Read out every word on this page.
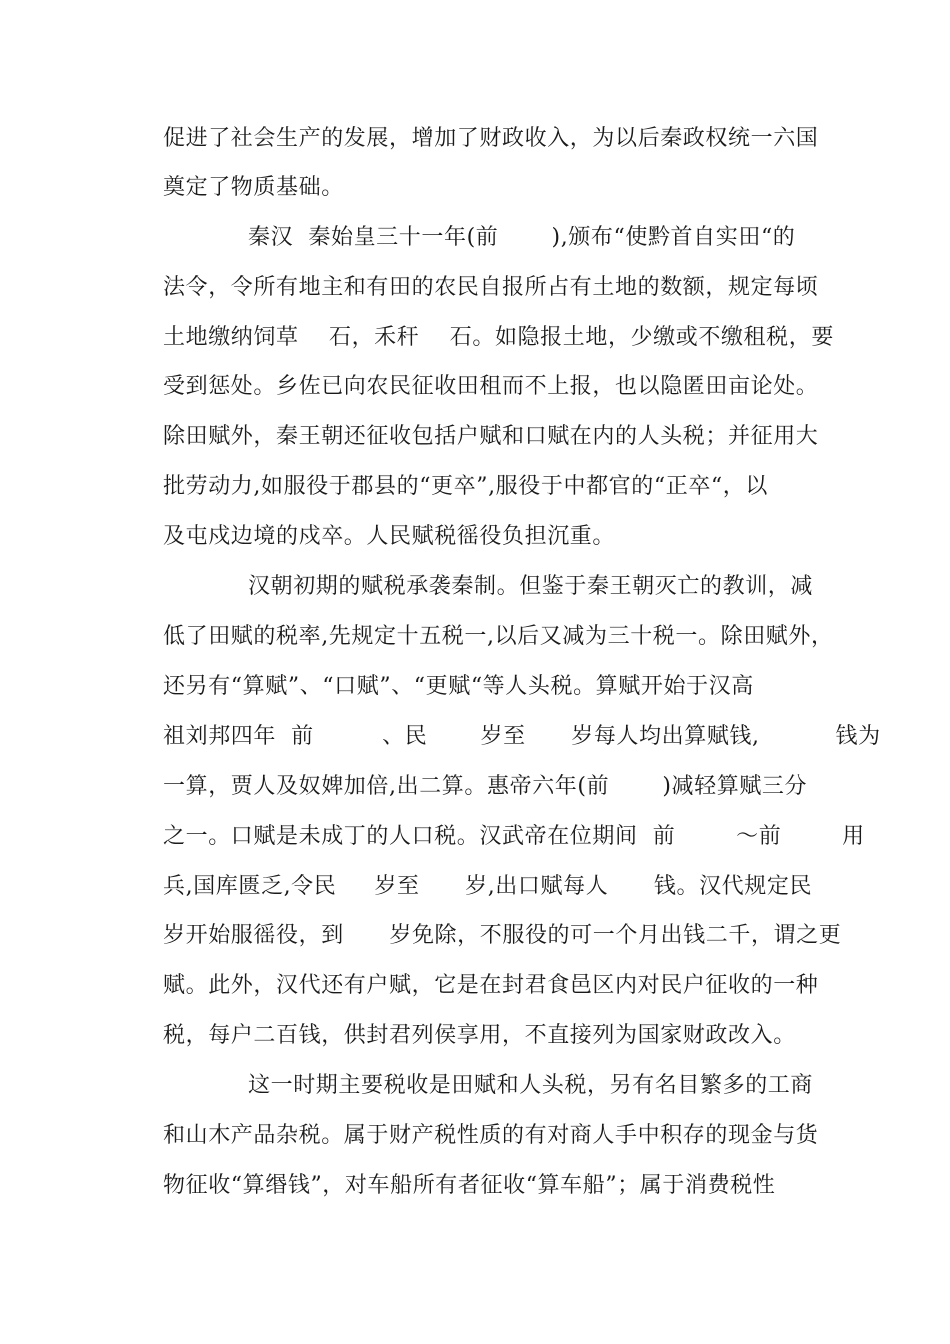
促进了社会生产的发展，增加了财政收入，为以后秦政权统一六国
奠定了物质基础。
秦汉  秦始皇三十一年(前       ),颁布“使黔首自实田“的
法令，令所有地主和有田的农民自报所占有土地的数额，规定每顷
土地缴纳饲草    石，禾秆    石。如隐报土地，少缴或不缴租税，要
受到惩处。乡佐已向农民征收田租而不上报，也以隐匿田亩论处。
除田赋外，秦王朝还征收包括户赋和口赋在内的人头税；并征用大
批劳动力,如服役于郡县的“更卒”,服役于中都官的“正卒“，以
及屯戍边境的戍卒。人民赋税徭役负担沉重。
汉朝初期的赋税承袭秦制。但鉴于秦王朝灭亡的教训，减
低了田赋的税率,先规定十五税一,以后又减为三十税一。除田赋外，
还另有“算赋”、“口赋”、“更赋“等人头税。算赋开始于汉高
祖刘邦四年  前         、民       岁至      岁每人均出算赋钱,          钱为
一算，贾人及奴婢加倍,出二算。惠帝六年(前       )减轻算赋三分
之一。口赋是未成丁的人口税。汉武帝在位期间  前        ～前        用
兵,国库匮乏,令民     岁至      岁,出口赋每人      钱。汉代规定民
岁开始服徭役，到      岁免除，不服役的可一个月出钱二千，谓之更
赋。此外，汉代还有户赋，它是在封君食邑区内对民户征收的一种
税，每户二百钱，供封君列侯享用，不直接列为国家财政改入。
这一时期主要税收是田赋和人头税，另有名目繁多的工商
和山木产品杂税。属于财产税性质的有对商人手中积存的现金与货
物征收“算缗钱”，对车船所有者征收“算车船”；属于消费税性
